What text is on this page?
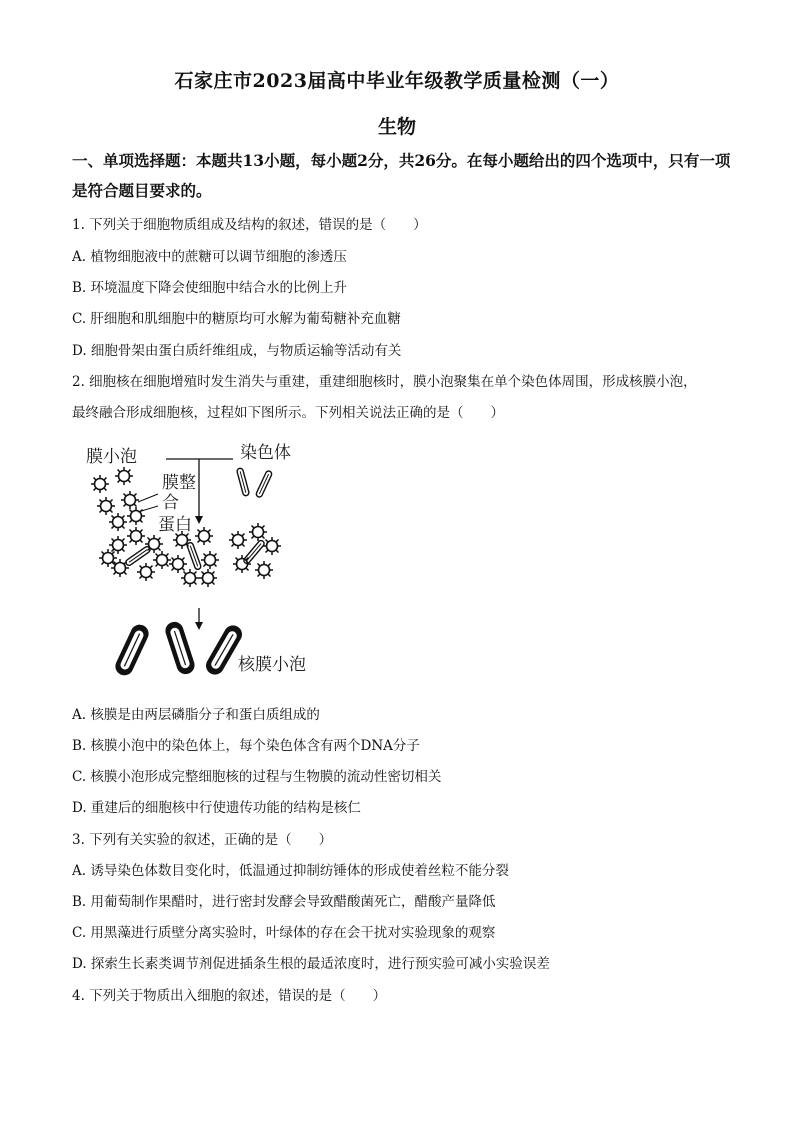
石家庄市2023届高中毕业年级教学质量检测（一）
生物
一、单项选择题：本题共13小题，每小题2分，共26分。在每小题给出的四个选项中，只有一项是符合题目要求的。
1. 下列关于细胞物质组成及结构的叙述，错误的是（　　）
A. 植物细胞液中的蔗糖可以调节细胞的渗透压
B. 环境温度下降会使细胞中结合水的比例上升
C. 肝细胞和肌细胞中的糖原均可水解为葡萄糖补充血糖
D. 细胞骨架由蛋白质纤维组成，与物质运输等活动有关
2. 细胞核在细胞增殖时发生消失与重建，重建细胞核时，膜小泡聚集在单个染色体周围，形成核膜小泡，
最终融合形成细胞核，过程如下图所示。下列相关说法正确的是（　　）
膜小泡	染色体
膜整
合
蛋白
核膜小泡
A. 核膜是由两层磷脂分子和蛋白质组成的
B. 核膜小泡中的染色体上，每个染色体含有两个DNA分子
C. 核膜小泡形成完整细胞核的过程与生物膜的流动性密切相关
D. 重建后的细胞核中行使遗传功能的结构是核仁
3. 下列有关实验的叙述，正确的是（　　）
A. 诱导染色体数目变化时，低温通过抑制纺锤体的形成使着丝粒不能分裂
B. 用葡萄制作果醋时，进行密封发酵会导致醋酸菌死亡，醋酸产量降低
C. 用黑藻进行质壁分离实验时，叶绿体的存在会干扰对实验现象的观察
D. 探索生长素类调节剂促进插条生根的最适浓度时，进行预实验可减小实验误差
4. 下列关于物质出入细胞的叙述，错误的是（　　）
